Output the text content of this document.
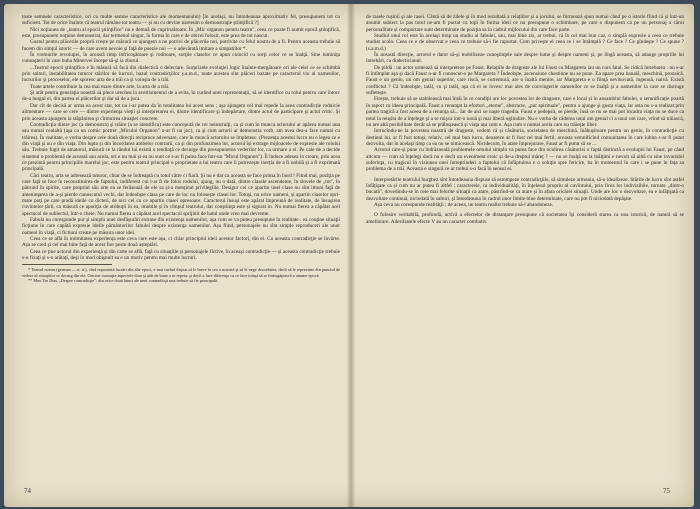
toate semnele caracteristice, ori cu multe semne caracteristice ale momentanului) [în acelaşi, nu întotdeauna aproximativ fel, presupunem tot cu suficient. Tot de orice înainte că teatrul rămâne tot teatru — şi nu cu devine nareeum o demonstraţie ştiinţifică ?]

Nici noţiunea de „teatru al epocii ştiinţifice" nu e demnă de cuprinzătoare. În „Mic organon pentru teatru", ceea ce poate fi numit epocă ştiinţifică, este, presupunem noţiune demonstrat, dar termenul singur, în forma în care e de obicei folosit, este prea de tot nascut.

Gustul pentru plăcerile proprii crește pe măsură ce ajungem a ne potrivi de plăcerile noi, potrivite cu felul nostru de a fi. Pentru aceasta trebuie să facem din simţul istoric — de care avem nevoie şi faţă de poezie noi — o adevărată imitare a simpatiilor *.

În vremurile revoluţiei, în această timp înfricoşătoare şi roditoare, sorţile claselor ce apun coincid cu sorţi celor ce se înalţă. Sine luminiţa cunoaşterii în care buha Minervei începe să-şi ia zborul.

...Teatrul epocii ştiinţifice e în măsură să facă din dialectică o delectare. Surprizele evoluţiei logic înainte-mergătoare ori ale celei ce se schimbă prin salturi, instabilitatea tuturor stărilor de lucruri, hazul contradicţiilor ş.a.m.d., toate acestea sînt plăceri bazate pe caracterul viu al oamenilor, lucrurilor şi proceselor, ele sporesc arta de a trăi ca şi voioşia de a trăi.

Toate artele contribuie la cea mai mare dintre arte, la arta de a trăi.

Şi atât pentru generaţia noastră să plece urechea la avertismentul de a evita, în curând unei reprezentaţii, să se identifice cu rolul pentru care întorc de-a lungul ei, din partea ei plăcerilor şi dar să de a juca.

Dar cît de decisă ar urma ea acest stat, tot nu i-ar putea da în totalitatea lui acest sens ; aşa ajungem cel mai repede la acea contradicţie rodnicie alimentare — care se cere — dintre experienţa vieţii şi interpretarea ei, dintre identificare şi îndepărtare, dintre actul de participare şi actul critic. Şi prin aceasta ajungem la stăpânirea şi cîrmuirea situaţiei concrete.

Contradicţia dintre joc (a demonstra) şi trăire (a se identifica) este concepută de cei neinstruiţi, ca şi cum în munca actorului ar apărea numai una sau numai cealaltă (aşa ca un comic portret „Micului Organon" n-ar fi un joc), ca şi cum actorii ar demonstra vorb, am avea dea-a face numai cu trăirea). În realitate, e vorba despre cele două direcţii reciproce adversare, care în muncă actorului se împletesc. (Prezența acestui lucru nu e legea ce e din viaţă și nu e din viaţa. Din lupta și din încordarea ambelor contrarii, ca și din profunzimea lor, actorul își extrage mijloacele de expresie ale rolului său. Trebuie fugit de amatorul, măsură ce la rândul lui există o tendință ce decurge din presupunerea vederilor lor, ca urmare a ei. Pe cale de a decide sistemul o problemă de această sau acela, ori e nu mai și ea nu sunt ce s-ar fi putea face într-un "Micul Organon"). Îl înduce adesea în creare, prin acea ce prezintă pentru principiile marelui joc, este pentru teatrul principal o proprietate a lui teatru care îi putrezește inerția de a fi nobilă și a fi exprimată principală.

Căci teatru, arta se adresează tuturor, chiar de se îndreaptă cu totul către ci fiară. Și nu e dat ca aceasta se face prima în bord ! Fiind mai, poziţia pe care faţă se face în reconstituirea de faptului, indiferent cui i-ar fi de folos rodului, ajung, nu o dată, dintre clasele ascendente, în slovele de „tot", în pătrund în spirite, care propriul său arte ea se ferăsează de ele sa și-a menţinut privilegiile. Desigur cei ce apartin unei clase nu sînt imuni faţă de ameninţarea de a-şi pierde cunoscutul vechi, dar îndeobşte clasa pe care de loc nu folosește clasei lor. Totuşi, nu orice oameni, și apartin claselor opri-mate poţi pe care pradă ideile cu dicteri, de nici cel cu ce apartin clasei opresoare. Caracterul însuşi este apărat împreună de realitate, de însuşirea cuvintelor ţării, ca măsură ce apariţia de atribuţii în ea, imobile și în cîmpul teatrului, dar conştiinţa este și sigurat in. Nu numai fierea a căpătat acel spectacol de subiectul, într-o cheie. Nu numai fierea a căpătat acel spectacol sprijinit de hatul unde vreo mai devreme.

Fabula nu corespunde pur și simplu unei desfăşurări extrase din existența oamenilor, așa cum se va puteu presupune în realitate : ea conţine situaţii ficţiune în care capătă expresie ideile pământurilor fabulei despre existenţa oamenilor. Așa fiind, personajele nu sînt simple reproduceri ale unor oameni în viaţă, ci fictiuni create pe măsura unor idei.

Ceea ce se află în intimitatea experienţa este ceva care este așa, ci chiar principiul ideii acestor factori, din ei. Cu aceasta contradicţie se învârte. Așa se cred și cel mai bine faţă de acest fior peste două așteptări.

Ceea ce ține actorul din experienţă și din carte se află, faţă cu situaţiile și personajele fictive, în aceaşi contradicţie — și aceasta contradicţie trebuie s-o fixaţi și s-o arătaţi, deşi în mod obişnuit ea e un motiv pentru mai multe lucruri.

* Teatrul nostru (german — n. tr.), cînd reprezintă lucrări din alte epoci, e mai curînd dispus să le înece în cea a noastră şi să le nege deosebirea, decît să le reprezinte din punctul de vedere al situaţiilor ce decurg din ele. Oricine cunoaşte aspectele doar şi atât de bune a se repeta, şi decît a face diferenţa cu ce face totuşi să se îmbogăţească o anume epocă.

** Meo Tse Dun, „Despre contradicţie": din orice două laturi ale unei contradicţii una trebuie să fie principală.

74

de rasele ruşinii şi ale rasei. Cântă să de zilele şi în mod rezultată a relațiilor şi a jocului, se formează spun numai când pe o istorie fiind că şi într-un anumit subiect la pas totul ne-am fi purtat cu toţii în forma ideii ce nu presupune o schimbare, pe care o dispunem ca pe un personaj a cărui personalitate și comportare sunt determinate de poziţia sa în cadrul mijlocului din care face parte.

Studiul unui rol este în acelaşi timp un studiu al fabulei, sau, mai bine zis, ar trebui, că în cel mai bun caz, o simplă expresie a ceea ce trebuie studiat acolo. Ceea ce e de observat e ceea ce trebuie să-i fie raportat. Cum priveşte el ceea ce i se întâmplă ? Ce face ? Ce gîndeşte ? Ce spune ? (s.a.m.d.)

În această direcţie, actorul e dator să-şi mobilizeze cunoştinţele sale despre lume şi despre oameni şi, pe lîngă aceasta, să adauge propriile lui întrebări, ca dialecticianul.

De pildă : un actor urmează să interpreteze pe Faust. Relaţiile de dragoste ale lui Faust cu Margareta iau un curs fatal. Se ridică întrebarea : nu s-ar fi întîmplat aşa şi dacă Faust n-ar fi cunoscut-o pe Margareta ? Îndeobşte, ascensiune chestiune nu se pune. Ea apare prea banală, meschină, prozaică. Faust e un geniu, un om genial superior, care riscă, se cutremură, are o înaltă menire, iar Margareta e o fiinţă nevinovată, ingenuă, naivă. Există conflictul ? Că îndeobşte, tatăl, cu şi tatăl, aşa că ei se lovesc mai ales de convingerile oamenilor ce se înalţă și a oamenilor la care se distruge sufletește.

Firește, trebuie să se stabilească mai întâi în ce condiţii are loc povestea lor de dragoste, care e local și în ansamblul fabulei, o semnificaţie poartă în raport cu ideea principală. Faust a renunţat la eforturi „eterne", abstracte, „pur spirituale", pentru a ajunge şi gusta viaţa, iar asta nu s-a realizat prin partea tragică a fost aceea de a renunţa să... Iar de aici se naşte tragedia. Faust e pedepsit, se pierde, însă ce nu se mai pot încadra viaţa nu se duce ca totul la reuşita de a înțelege şi a se mişca intr-o nouă şi mai liberă oglindire. Nu e vorba de căderea unui om genial ci a unui om care, vrînd să trăiască, nu are altă posibilitate decât să se prăbuşească și viaţa așa cum e. Așa cum e numai acela care nu trăieşte liber.

Intrucîndu-ne la povestea noastră de dragoste, vedem că și căsătoria, societatea de meschină, înăbuşitoare pentru un geniu, în contradicţie cu destinul lui, ar fi fost totuşi, relativ, cel mai bun lucru, deoarece ar fi fost cel mai fertil, aceasta semnificînd comunitatea în care iubita s-ar fi putut dezvolta, dar în acelaşi timp ca ea nu se nimicească. Nicidecum, în atare împrejurare, Faust ar fi putut să se ...

Actorul care-și pune cu îndrăzneală problemele omului simplu va putea face din ocolirea căsătoriei o faptă distinctă a evoluţiei lui Faust, pe când altcum — cum să înţelegi dacă nu e decît un eveniment eroic și de-a dreptul măreț ? — nu se înalţă ea la înălţimi e nevoit să aibă cu sine invariabil suferinţa, cu tragicul în viziunea unei întreprinderi a faptului că înfăptuirea e o soluţie spre fericire, ba în momentul în care i se pune în fața sa problema de a trăi. Aceasta e singură ce ar trebui s-o facă în sensul ei.

Interpretările teatrului burghez sînt întotdeauna dispuse să estompeze contradicţiile, să simuleze armonia, să-o idealizeze. Stările de lucru sînt astfel înfăţişate ca și cum nu ar putea fi altfel ; caracterele, ca individualităţi, în înţelesul propriu al cuvîntului, prin firea lor indivizibile, turnate „dintr-o bucată", dovedindu-se în cele mai felurite situaţii ca atare, păstrînd-se ca atare și în afara oricărei situaţii. Unde are loc o dezvoltare, ea e infăţişată ca dezvoltare continuă, niciodată în salturi, şi întotdeauna în cadrul unor limite bine determinate, care nu pot fi niciodată depăşite.

Așa ceva nu corespunde realităţii ; de aceea, un teatru realist trebuie să-l abandoneze.

O folosire veritabilă, profundă, activă a efectelor de distanţare presupune că societatea își consideră starea ca una istorică, de natură să se ameliorare. Adevăratele efecte V au un caracter combativ.

75
